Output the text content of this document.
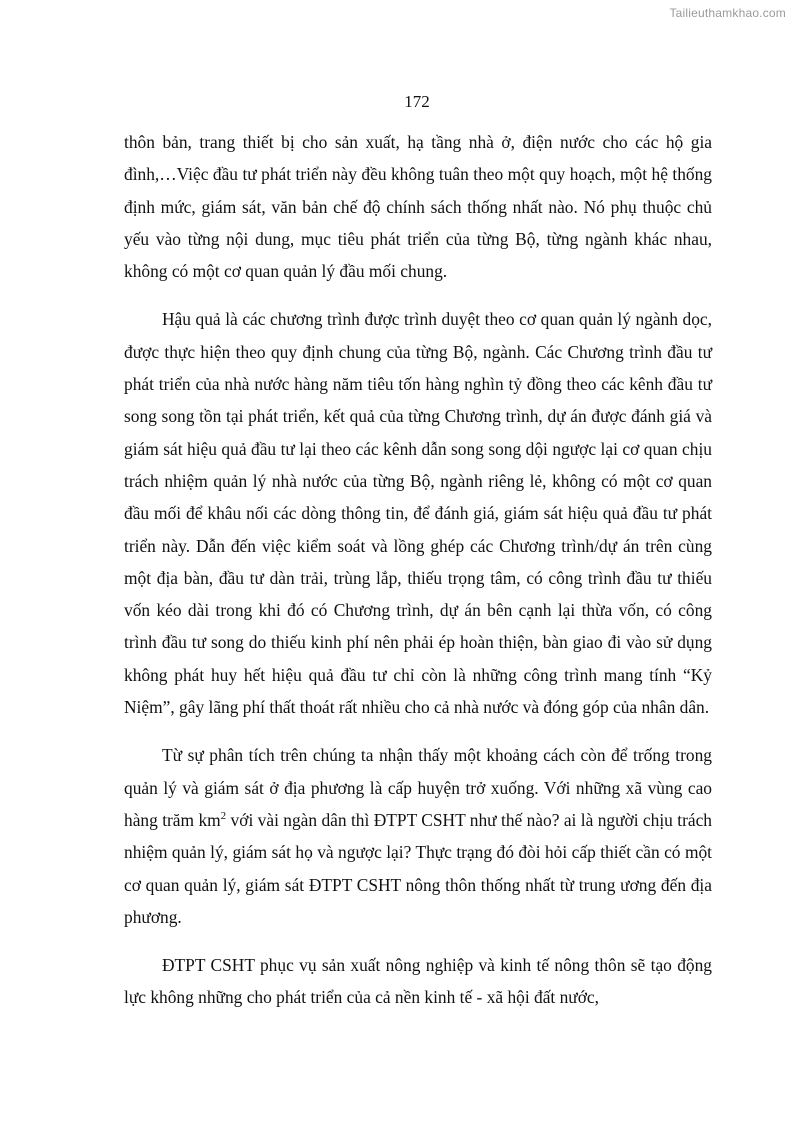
Tailieuthamkhao.com
172

thôn bản, trang thiết bị cho sản xuất, hạ tầng nhà ở, điện nước cho các hộ gia đình,…Việc đầu tư phát triển này đều không tuân theo một quy hoạch, một hệ thống định mức, giám sát, văn bản chế độ chính sách thống nhất nào. Nó phụ thuộc chủ yếu vào từng nội dung, mục tiêu phát triển của từng Bộ, từng ngành khác nhau, không có một cơ quan quản lý đầu mối chung.

Hậu quả là các chương trình được trình duyệt theo cơ quan quản lý ngành dọc, được thực hiện theo quy định chung của từng Bộ, ngành. Các Chương trình đầu tư phát triển của nhà nước hàng năm tiêu tốn hàng nghìn tỷ đồng theo các kênh đầu tư song song tồn tại phát triển, kết quả của từng Chương trình, dự án được đánh giá và giám sát hiệu quả đầu tư lại theo các kênh dẫn song song dội ngược lại cơ quan chịu trách nhiệm quản lý nhà nước của từng Bộ, ngành riêng lẻ, không có một cơ quan đầu mối để khâu nối các dòng thông tin, để đánh giá, giám sát hiệu quả đầu tư phát triển này. Dẫn đến việc kiểm soát và lồng ghép các Chương trình/dự án trên cùng một địa bàn, đầu tư dàn trải, trùng lắp, thiếu trọng tâm, có công trình đầu tư thiếu vốn kéo dài trong khi đó có Chương trình, dự án bên cạnh lại thừa vốn, có công trình đầu tư song do thiếu kinh phí nên phải ép hoàn thiện, bàn giao đi vào sử dụng không phát huy hết hiệu quả đầu tư chỉ còn là những công trình mang tính “Kỷ Niệm”, gây lãng phí thất thoát rất nhiều cho cả nhà nước và đóng góp của nhân dân.

Từ sự phân tích trên chúng ta nhận thấy một khoảng cách còn để trống trong quản lý và giám sát ở địa phương là cấp huyện trở xuống. Với những xã vùng cao hàng trăm $km^2$ với vài ngàn dân thì ĐTPT CSHT như thế nào? ai là người chịu trách nhiệm quản lý, giám sát họ và ngược lại? Thực trạng đó đòi hỏi cấp thiết cần có một cơ quan quản lý, giám sát ĐTPT CSHT nông thôn thống nhất từ trung ương đến địa phương.

ĐTPT CSHT phục vụ sản xuất nông nghiệp và kinh tế nông thôn sẽ tạo động lực không những cho phát triển của cả nền kinh tế - xã hội đất nước,
